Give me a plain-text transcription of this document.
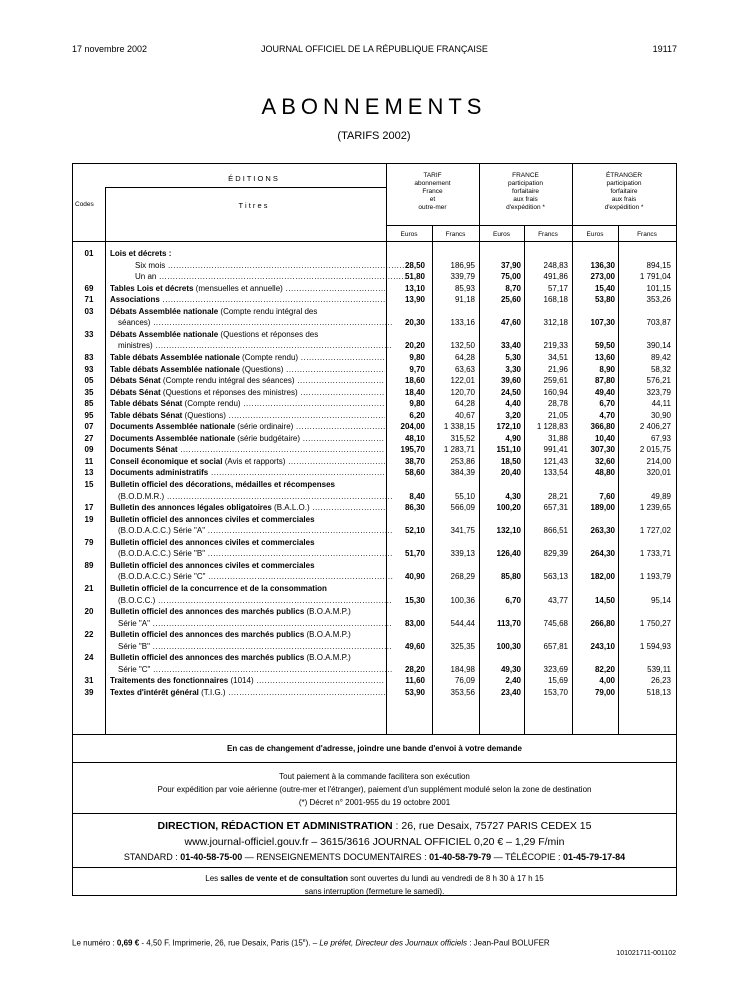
17 novembre 2002	JOURNAL OFFICIEL DE LA RÉPUBLIQUE FRANÇAISE	19117
ABONNEMENTS
(TARIFS 2002)
É D I T I O N S
Codes	T i t r e s
TARIF
abonnement
France
et
outre-mer
FRANCE
participation
forfaitaire
aux frais
d'expédition *
ÉTRANGER
participation
forfaitaire
aux frais
d'expédition *
Euros	Francs	Euros	Francs	Euros	Francs
01	Lois et décrets :
Six mois .....	28,50	186,95	37,90	248,83	136,30	894,15
Un an .....	51,80	339,79	75,00	491,86	273,00	1 791,04
69	Tables Lois et décrets (mensuelles et annuelle) .....	13,10	85,93	8,70	57,17	15,40	101,15
71	Associations .....	13,90	91,18	25,60	168,18	53,80	353,26
03	Débats Assemblée nationale (Compte rendu intégral des
séances) .....	20,30	133,16	47,60	312,18	107,30	703,87
33	Débats Assemblée nationale (Questions et réponses des
ministres) .....	20,20	132,50	33,40	219,33	59,50	390,14
83	Table débats Assemblée nationale (Compte rendu) .....	9,80	64,28	5,30	34,51	13,60	89,42
93	Table débats Assemblée nationale (Questions) .....	9,70	63,63	3,30	21,96	8,90	58,32
05	Débats Sénat (Compte rendu intégral des séances) .....	18,60	122,01	39,60	259,61	87,80	576,21
35	Débats Sénat (Questions et réponses des ministres) .....	18,40	120,70	24,50	160,94	49,40	323,79
85	Table débats Sénat (Compte rendu) .....	9,80	64,28	4,40	28,78	6,70	44,11
95	Table débats Sénat (Questions) .....	6,20	40,67	3,20	21,05	4,70	30,90
07	Documents Assemblée nationale (série ordinaire) .....	204,00	1 338,15	172,10	1 128,83	366,80	2 406,27
27	Documents Assemblée nationale (série budgétaire) .....	48,10	315,52	4,90	31,88	10,40	67,93
09	Documents Sénat .....	195,70	1 283,71	151,10	991,41	307,30	2 015,75
11	Conseil économique et social (Avis et rapports) .....	38,70	253,86	18,50	121,43	32,60	214,00
13	Documents administratifs .....	58,60	384,39	20,40	133,54	48,80	320,01
15	Bulletin officiel des décorations, médailles et récompenses
(B.O.D.M.R.) .....	8,40	55,10	4,30	28,21	7,60	49,89
17	Bulletin des annonces légales obligatoires (B.A.L.O.) .....	86,30	566,09	100,20	657,31	189,00	1 239,65
19	Bulletin officiel des annonces civiles et commerciales
(B.O.D.A.C.C.) Série "A" .....	52,10	341,75	132,10	866,51	263,30	1 727,02
79	Bulletin officiel des annonces civiles et commerciales
(B.O.D.A.C.C.) Série "B" .....	51,70	339,13	126,40	829,39	264,30	1 733,71
89	Bulletin officiel des annonces civiles et commerciales
(B.O.D.A.C.C.) Série "C" .....	40,90	268,29	85,80	563,13	182,00	1 193,79
21	Bulletin officiel de la concurrence et de la consommation
(B.O.C.C.) .....	15,30	100,36	6,70	43,77	14,50	95,14
20	Bulletin officiel des annonces des marchés publics (B.O.A.M.P.)
Série "A" .....	83,00	544,44	113,70	745,68	266,80	1 750,27
22	Bulletin officiel des annonces des marchés publics (B.O.A.M.P.)
Série "B" .....	49,60	325,35	100,30	657,81	243,10	1 594,93
24	Bulletin officiel des annonces des marchés publics (B.O.A.M.P.)
Série "C" .....	28,20	184,98	49,30	323,69	82,20	539,11
31	Traitements des fonctionnaires (1014) .....	11,60	76,09	2,40	15,69	4,00	26,23
39	Textes d'intérêt général (T.I.G.) .....	53,90	353,56	23,40	153,70	79,00	518,13
En cas de changement d'adresse, joindre une bande d'envoi à votre demande
Tout paiement à la commande facilitera son exécution
Pour expédition par voie aérienne (outre-mer et l'étranger), paiement d'un supplément modulé selon la zone de destination
(*) Décret n° 2001-955 du 19 octobre 2001
DIRECTION, RÉDACTION ET ADMINISTRATION : 26, rue Desaix, 75727 PARIS CEDEX 15
www.journal-officiel.gouv.fr – 3615/3616 JOURNAL OFFICIEL 0,20 € – 1,29 F/min
STANDARD : 01-40-58-75-00 — RENSEIGNEMENTS DOCUMENTAIRES : 01-40-58-79-79 — TÉLÉCOPIE : 01-45-79-17-84
Les salles de vente et de consultation sont ouvertes du lundi au vendredi de 8 h 30 à 17 h 15
sans interruption (fermeture le samedi).
Le numéro : 0,69 € - 4,50 F. Imprimerie, 26, rue Desaix, Paris (15e). – Le préfet, Directeur des Journaux officiels : Jean-Paul BOLUFER
101021711-001102
